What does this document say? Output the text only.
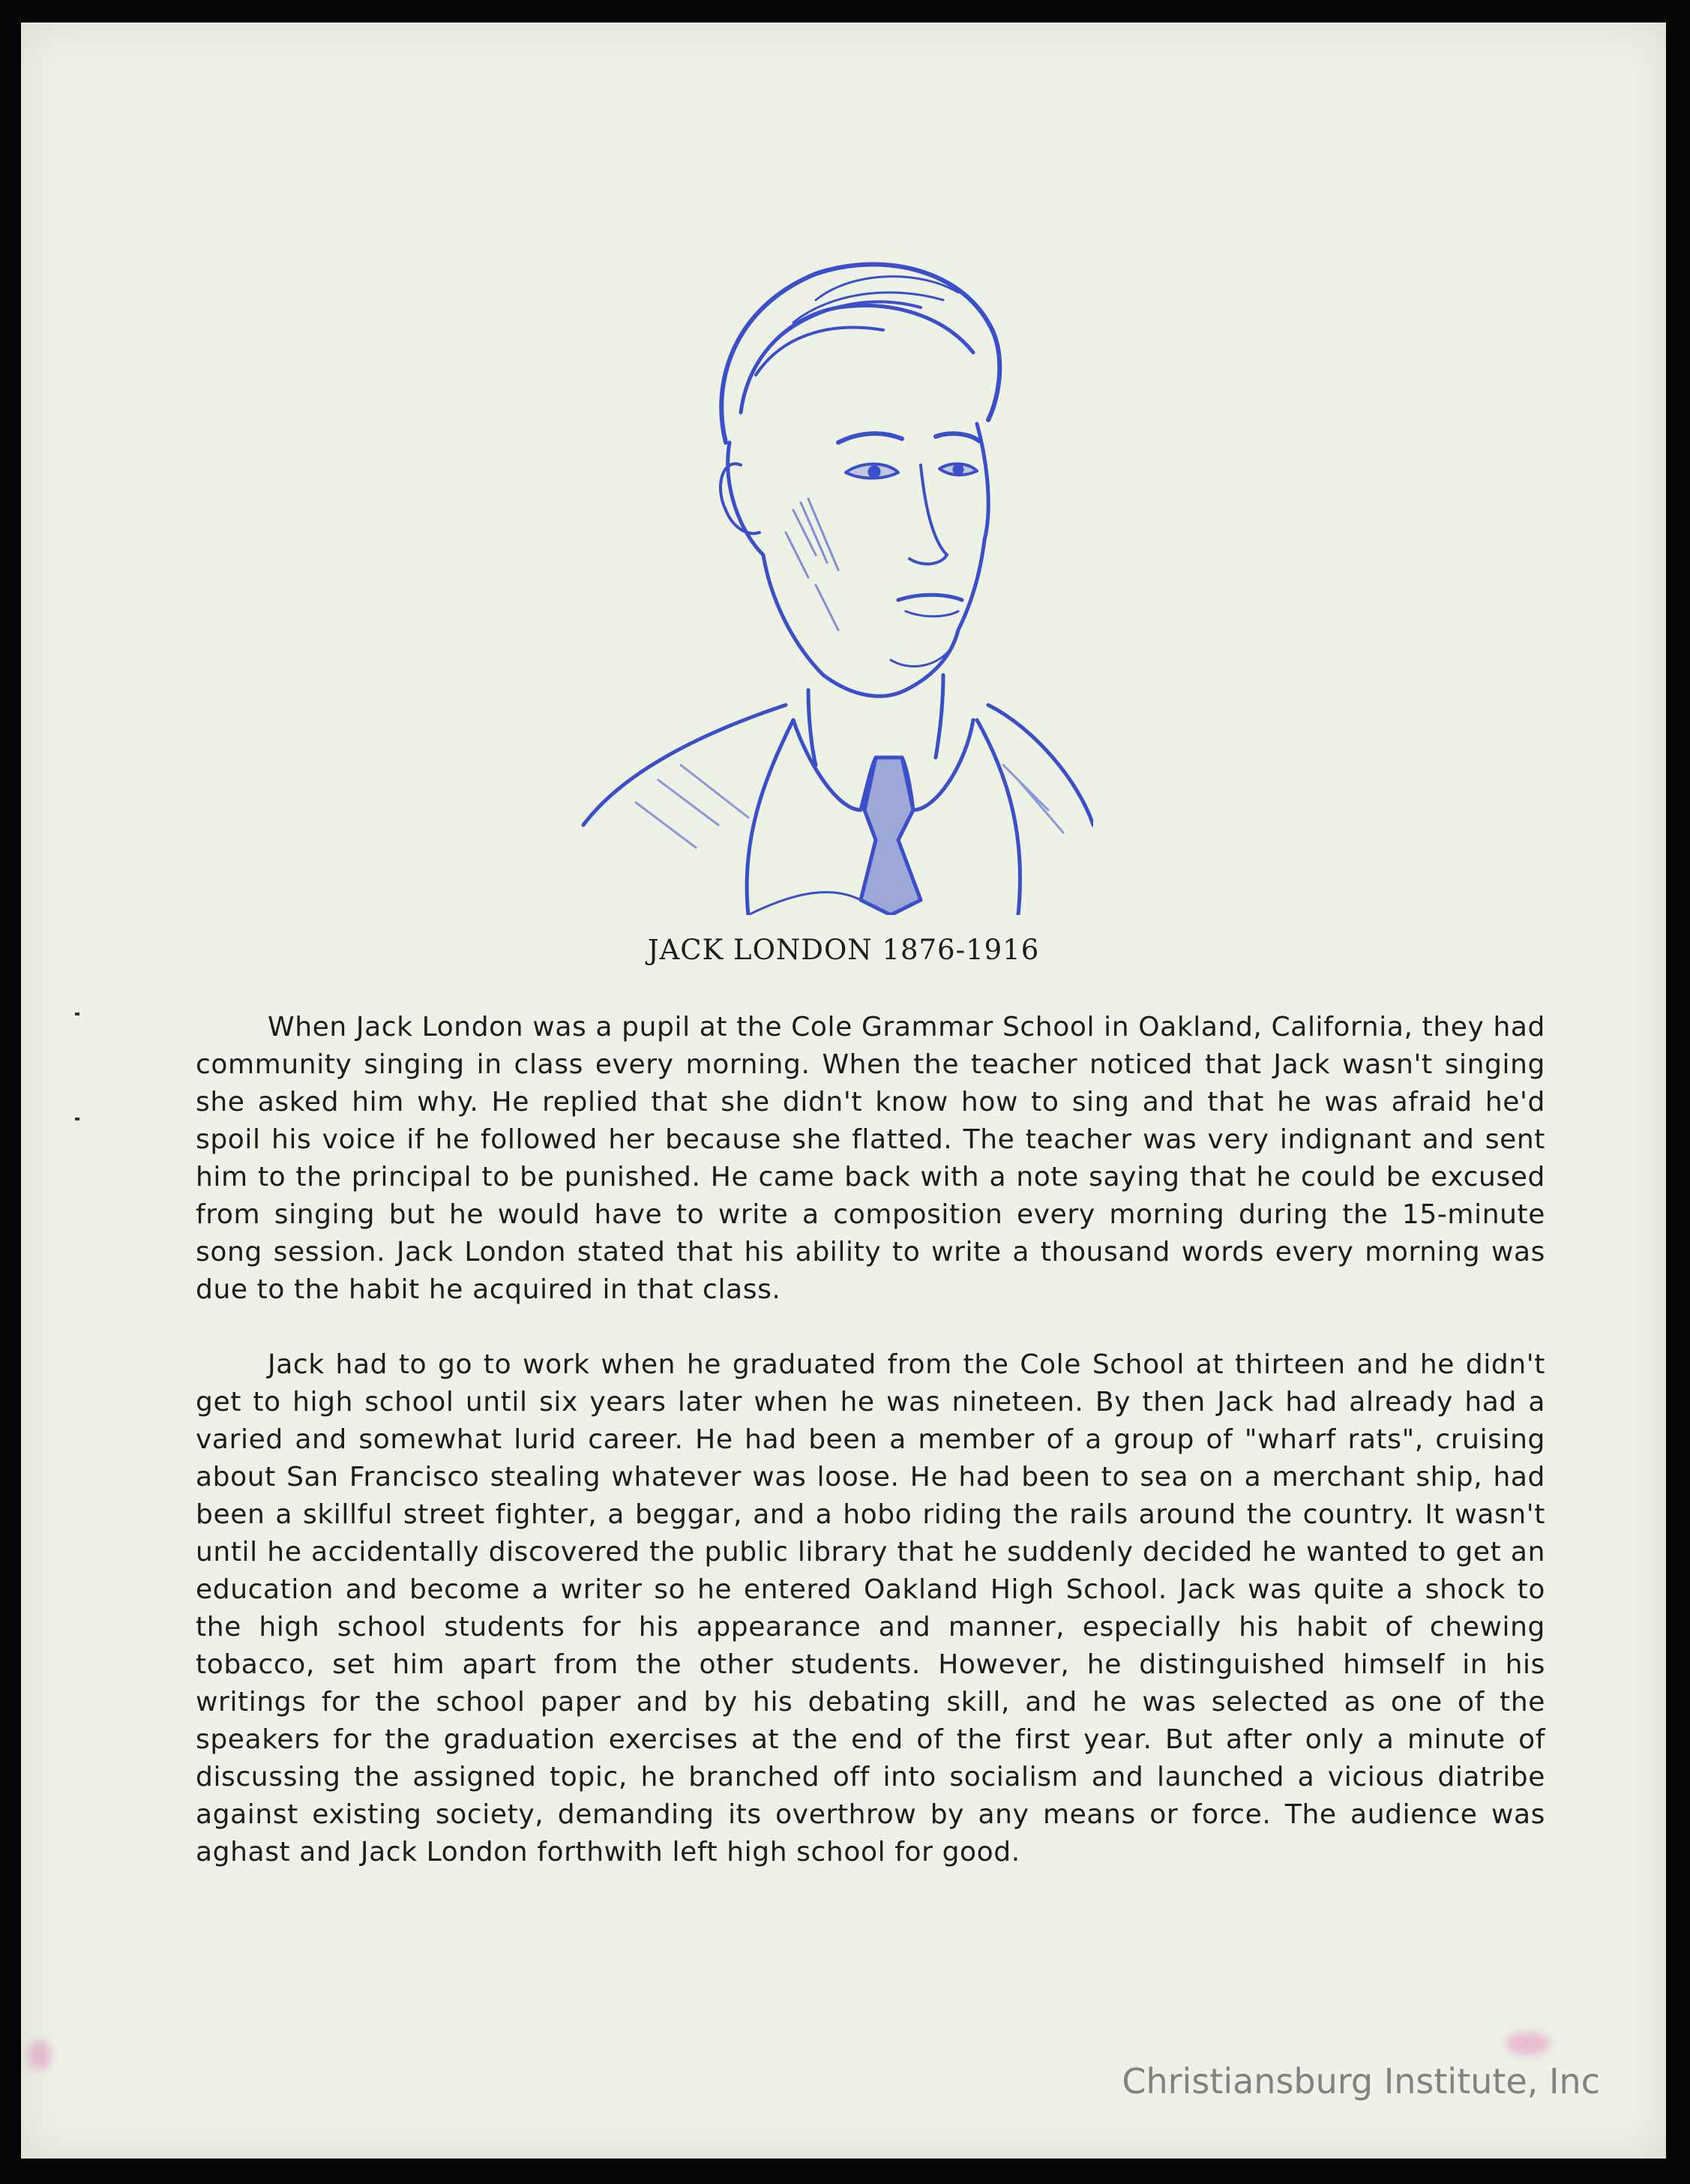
JACK LONDON 1876-1916

When Jack London was a pupil at the Cole Grammar School in Oakland, California, they had community singing in class every morning. When the teacher noticed that Jack wasn't singing she asked him why. He replied that she didn't know how to sing and that he was afraid he'd spoil his voice if he followed her because she flatted. The teacher was very indignant and sent him to the principal to be punished. He came back with a note saying that he could be excused from singing but he would have to write a composition every morning during the 15-minute song session. Jack London stated that his ability to write a thousand words every morning was due to the habit he acquired in that class.

Jack had to go to work when he graduated from the Cole School at thirteen and he didn't get to high school until six years later when he was nineteen. By then Jack had already had a varied and somewhat lurid career. He had been a member of a group of "wharf rats", cruising about San Francisco stealing whatever was loose. He had been to sea on a merchant ship, had been a skillful street fighter, a beggar, and a hobo riding the rails around the country. It wasn't until he accidentally discovered the public library that he suddenly decided he wanted to get an education and become a writer so he entered Oakland High School. Jack was quite a shock to the high school students for his appearance and manner, especially his habit of chewing tobacco, set him apart from the other students. However, he distinguished himself in his writings for the school paper and by his debating skill, and he was selected as one of the speakers for the graduation exercises at the end of the first year. But after only a minute of discussing the assigned topic, he branched off into socialism and launched a vicious diatribe against existing society, demanding its overthrow by any means or force. The audience was aghast and Jack London forthwith left high school for good.

Christiansburg Institute, Inc
